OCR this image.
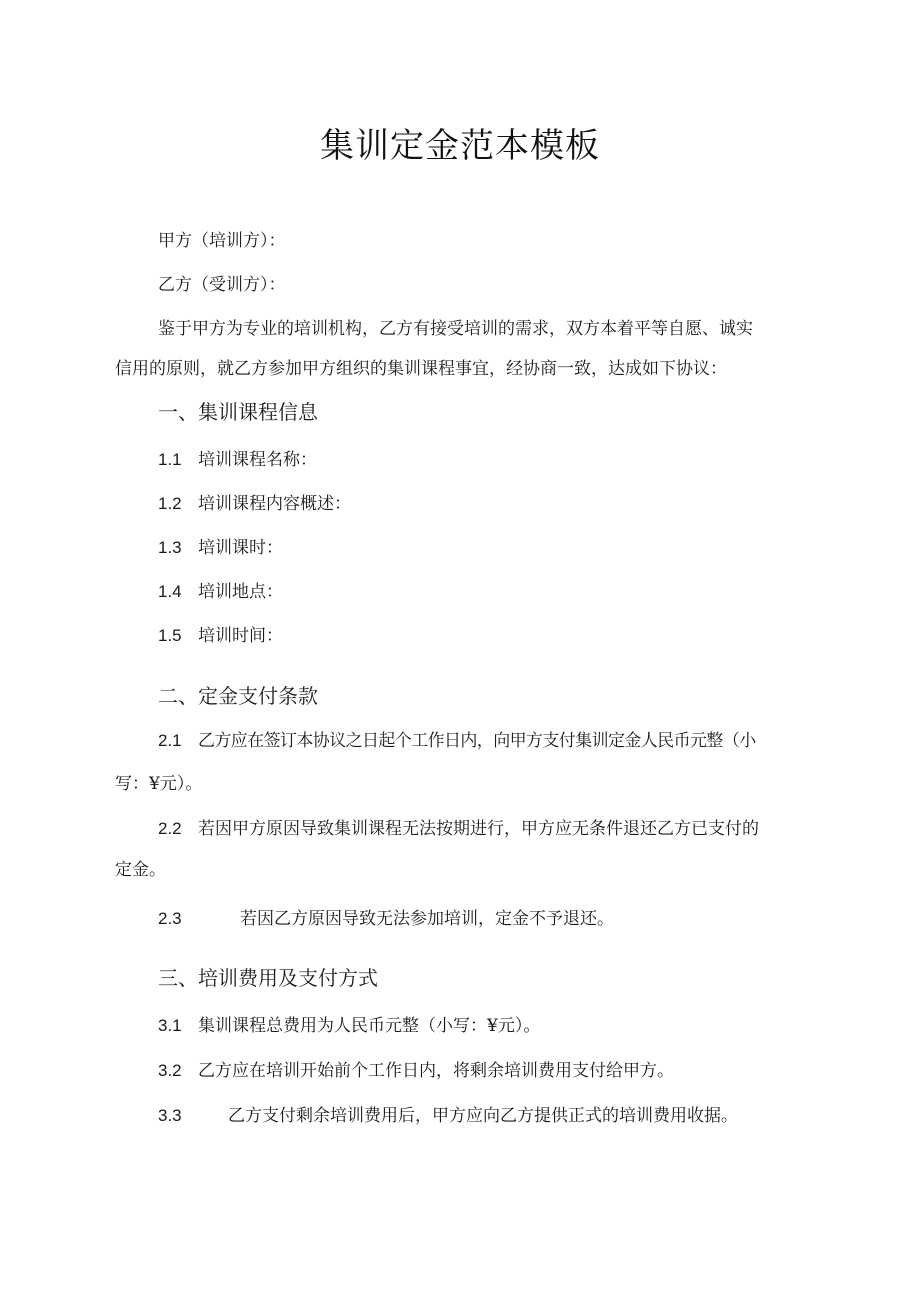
集训定金范本模板
甲方（培训方）：
乙方（受训方）：
鉴于甲方为专业的培训机构，乙方有接受培训的需求，双方本着平等自愿、诚实
信用的原则，就乙方参加甲方组织的集训课程事宜，经协商一致，达成如下协议：
一、集训课程信息
1.1 培训课程名称：
1.2 培训课程内容概述：
1.3 培训课时：
1.4 培训地点：
1.5 培训时间：
二、定金支付条款
2.1 乙方应在签订本协议之日起个工作日内，向甲方支付集训定金人民币元整（小
写：¥元）。
2.2 若因甲方原因导致集训课程无法按期进行，甲方应无条件退还乙方已支付的
定金。
2.3	若因乙方原因导致无法参加培训，定金不予退还。
三、培训费用及支付方式
3.1 集训课程总费用为人民币元整（小写：¥元）。
3.2 乙方应在培训开始前个工作日内，将剩余培训费用支付给甲方。
3.3	乙方支付剩余培训费用后，甲方应向乙方提供正式的培训费用收据。
